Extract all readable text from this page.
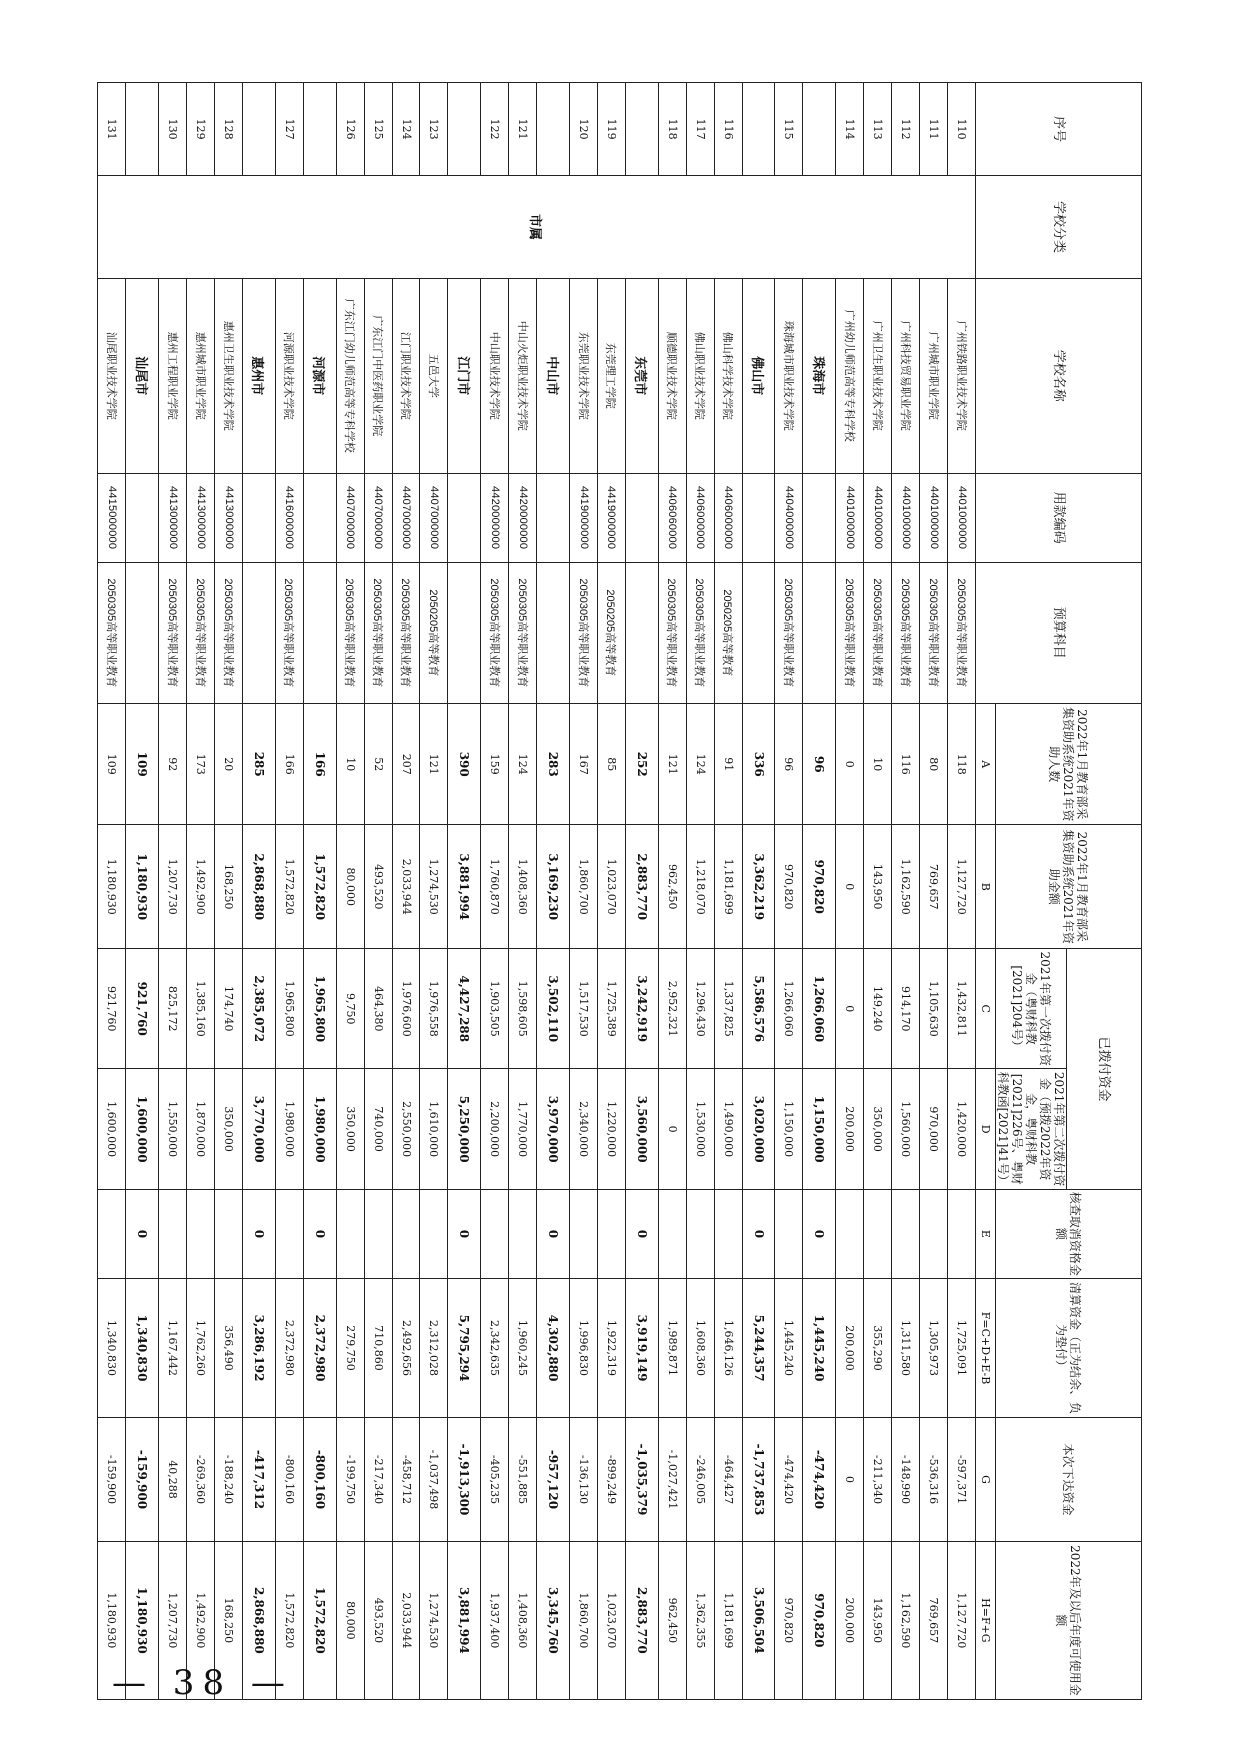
序号	学校分类	学校名称	用款编码	预算科目	2022年1月教育部采集资助系统2021年资助人数	2022年1月教育部采集资助系统2021年资助金额	已拨付资金		核查取消资格金额	清算资金（正为结余、负为垫付）	本次下达资金	2022年及以后年度可使用金额
							2021年第一次拨付资金（粤财科教[2021]204号）	2021年第二次拨付资金（预拨2022年资金，粤财科教[2021]226号、粤财科教函[2021]41号）				
					A	B	C	D	E	F=C+D+E-B	G	H=F+G
110	市属	广州铁路职业技术学院	4401000000	2050305高等职业教育	118	1,127,720	1,432,811	1,420,000		1,725,091	-597,371	1,127,720
111		广州城市职业学院	4401000000	2050305高等职业教育	80	769,657	1,105,630	970,000		1,305,973	-536,316	769,657
112		广州科技贸易职业学院	4401000000	2050305高等职业教育	116	1,162,590	914,170	1,560,000		1,311,580	-148,990	1,162,590
113		广州卫生职业技术学院	4401000000	2050305高等职业教育	10	143,950	149,240	350,000		355,290	-211,340	143,950
114		广州幼儿师范高等专科学校	4401000000	2050305高等职业教育	0	0	0	200,000		200,000	0	200,000
		珠海市			96	970,820	1,266,060	1,150,000	0	1,445,240	-474,420	970,820
115		珠海城市职业技术学院	4404000000	2050305高等职业教育	96	970,820	1,266,060	1,150,000		1,445,240	-474,420	970,820
		佛山市			336	3,362,219	5,586,576	3,020,000	0	5,244,357	-1,737,853	3,506,504
116		佛山科学技术学院	4406000000	2050205高等教育	91	1,181,699	1,337,825	1,490,000		1,646,126	-464,427	1,181,699
117		佛山职业技术学院	4406000000	2050305高等职业教育	124	1,218,070	1,296,430	1,530,000		1,608,360	-246,005	1,362,355
118		顺德职业技术学院	4406060000	2050305高等职业教育	121	962,450	2,952,321	0		1,989,871	-1,027,421	962,450
		东莞市			252	2,883,770	3,242,919	3,560,000	0	3,919,149	-1,035,379	2,883,770
119		东莞理工学院	4419000000	2050205高等教育	85	1,023,070	1,725,389	1,220,000		1,922,319	-899,249	1,023,070
120		东莞职业技术学院	4419000000	2050305高等职业教育	167	1,860,700	1,517,530	2,340,000		1,996,830	-136,130	1,860,700
		中山市			283	3,169,230	3,502,110	3,970,000	0	4,302,880	-957,120	3,345,760
121		中山火炬职业技术学院	4420000000	2050305高等职业教育	124	1,408,360	1,598,605	1,770,000		1,960,245	-551,885	1,408,360
122		中山职业技术学院	4420000000	2050305高等职业教育	159	1,760,870	1,903,505	2,200,000		2,342,635	-405,235	1,937,400
		江门市			390	3,881,994	4,427,288	5,250,000	0	5,795,294	-1,913,300	3,881,994
123		五邑大学	4407000000	2050205高等教育	121	1,274,530	1,976,558	1,610,000		2,312,028	-1,037,498	1,274,530
124		江门职业技术学院	4407000000	2050305高等职业教育	207	2,033,944	1,976,600	2,550,000		2,492,656	-458,712	2,033,944
125		广东江门中医药职业学院	4407000000	2050305高等职业教育	52	493,520	464,380	740,000		710,860	-217,340	493,520
126		广东江门幼儿师范高等专科学校	4407000000	2050305高等职业教育	10	80,000	9,750	350,000		279,750	-199,750	80,000
		河源市			166	1,572,820	1,965,800	1,980,000	0	2,372,980	-800,160	1,572,820
127		河源职业技术学院	4416000000	2050305高等职业教育	166	1,572,820	1,965,800	1,980,000		2,372,980	-800,160	1,572,820
		惠州市			285	2,868,880	2,385,072	3,770,000	0	3,286,192	-417,312	2,868,880
128		惠州卫生职业技术学院	4413000000	2050305高等职业教育	20	168,250	174,740	350,000		356,490	-188,240	168,250
129		惠州城市职业学院	4413000000	2050305高等职业教育	173	1,492,900	1,385,160	1,870,000		1,762,260	-269,360	1,492,900
130		惠州工程职业学院	4413000000	2050305高等职业教育	92	1,207,730	825,172	1,550,000		1,167,442	40,288	1,207,730
		汕尾市			109	1,180,930	921,760	1,600,000	0	1,340,830	-159,900	1,180,930
131		汕尾职业技术学院	4415000000	2050305高等职业教育	109	1,180,930	921,760	1,600,000		1,340,830	-159,900	1,180,930
— 38 —
